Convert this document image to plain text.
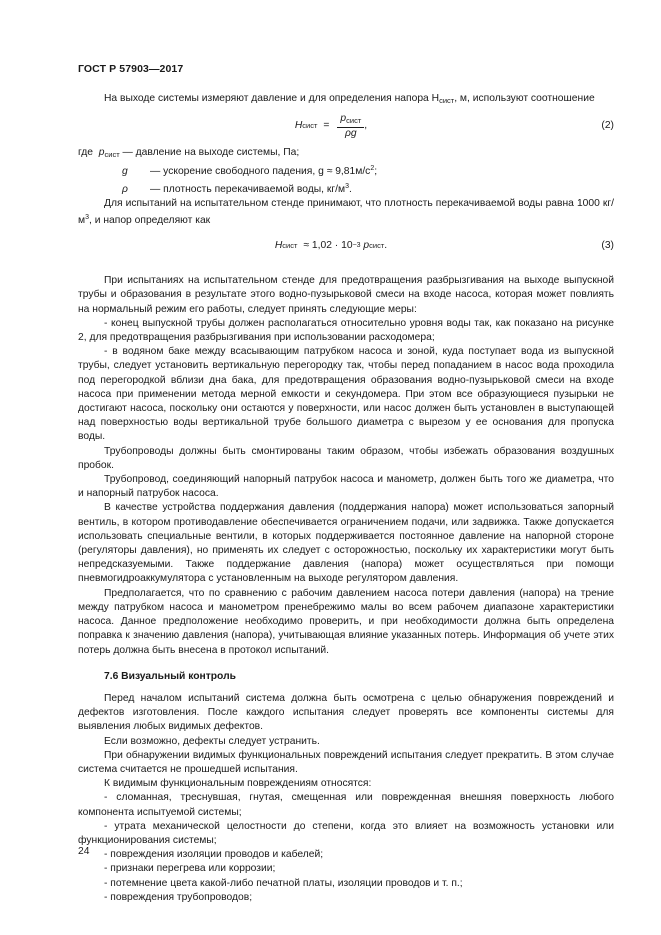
ГОСТ Р 57903—2017

На выходе системы измеряют давление и для определения напора $H_{сист}$, м, используют соотношение

H сист = $\frac{p_{сист}}{\rho g}$ ,	(2)
где $p_{сист}$ — давление на выходе системы, Па;
g — ускорение свободного падения, $g \approx 9,81м/с^2$;
ρ — плотность перекачиваемой воды, $кг/м^3$.

Для испытаний на испытательном стенде принимают, что плотность перекачиваемой воды равна 1000 $кг/м^3$, и напор определяют как

H сист ≈ 1,02 · 10 −3
p сист .	(3)

При испытаниях на испытательном стенде для предотвращения разбрызгивания на выходе выпускной трубы и образования в результате этого водно-пузырьковой смеси на входе насоса, которая может повлиять на нормальный режим его работы, следует принять следующие меры:

- конец выпускной трубы должен располагаться относительно уровня воды так, как показано на рисунке 2, для предотвращения разбрызгивания при использовании расходомера;

- в водяном баке между всасывающим патрубком насоса и зоной, куда поступает вода из выпускной трубы, следует установить вертикальную перегородку так, чтобы перед попаданием в насос вода проходила под перегородкой вблизи дна бака, для предотвращения образования водно-пузырьковой смеси на входе насоса при применении метода мерной емкости и секундомера. При этом все образующиеся пузырьки не достигают насоса, поскольку они остаются у поверхности, или насос должен быть установлен в выступающей над поверхностью воды вертикальной трубе большого диаметра с вырезом у ее основания для пропуска воды.

Трубопроводы должны быть смонтированы таким образом, чтобы избежать образования воздушных пробок.

Трубопровод, соединяющий напорный патрубок насоса и манометр, должен быть того же диаметра, что и напорный патрубок насоса.

В качестве устройства поддержания давления (поддержания напора) может использоваться запорный вентиль, в котором противодавление обеспечивается ограничением подачи, или задвижка. Также допускается использовать специальные вентили, в которых поддерживается постоянное давление на напорной стороне (регуляторы давления), но применять их следует с осторожностью, поскольку их характеристики могут быть непредсказуемыми. Также поддержание давления (напора) может осуществляться при помощи пневмогидроаккумулятора с установленным на выходе регулятором давления.

Предполагается, что по сравнению с рабочим давлением насоса потери давления (напора) на трение между патрубком насоса и манометром пренебрежимо малы во всем рабочем диапазоне характеристики насоса. Данное предположение необходимо проверить, и при необходимости должна быть определена поправка к значению давления (напора), учитывающая влияние указанных потерь. Информация об учете этих потерь должна быть внесена в протокол испытаний.

7.6 Визуальный контроль

Перед началом испытаний система должна быть осмотрена с целью обнаружения повреждений и дефектов изготовления. После каждого испытания следует проверять все компоненты системы для выявления любых видимых дефектов.

Если возможно, дефекты следует устранить.

При обнаружении видимых функциональных повреждений испытания следует прекратить. В этом случае система считается не прошедшей испытания.

К видимым функциональным повреждениям относятся:

- сломанная, треснувшая, гнутая, смещенная или поврежденная внешняя поверхность любого компонента испытуемой системы;

- утрата механической целостности до степени, когда это влияет на возможность установки или функционирования системы;

- повреждения изоляции проводов и кабелей;

- признаки перегрева или коррозии;

- потемнение цвета какой-либо печатной платы, изоляции проводов и т. п.;

- повреждения трубопроводов;

24
